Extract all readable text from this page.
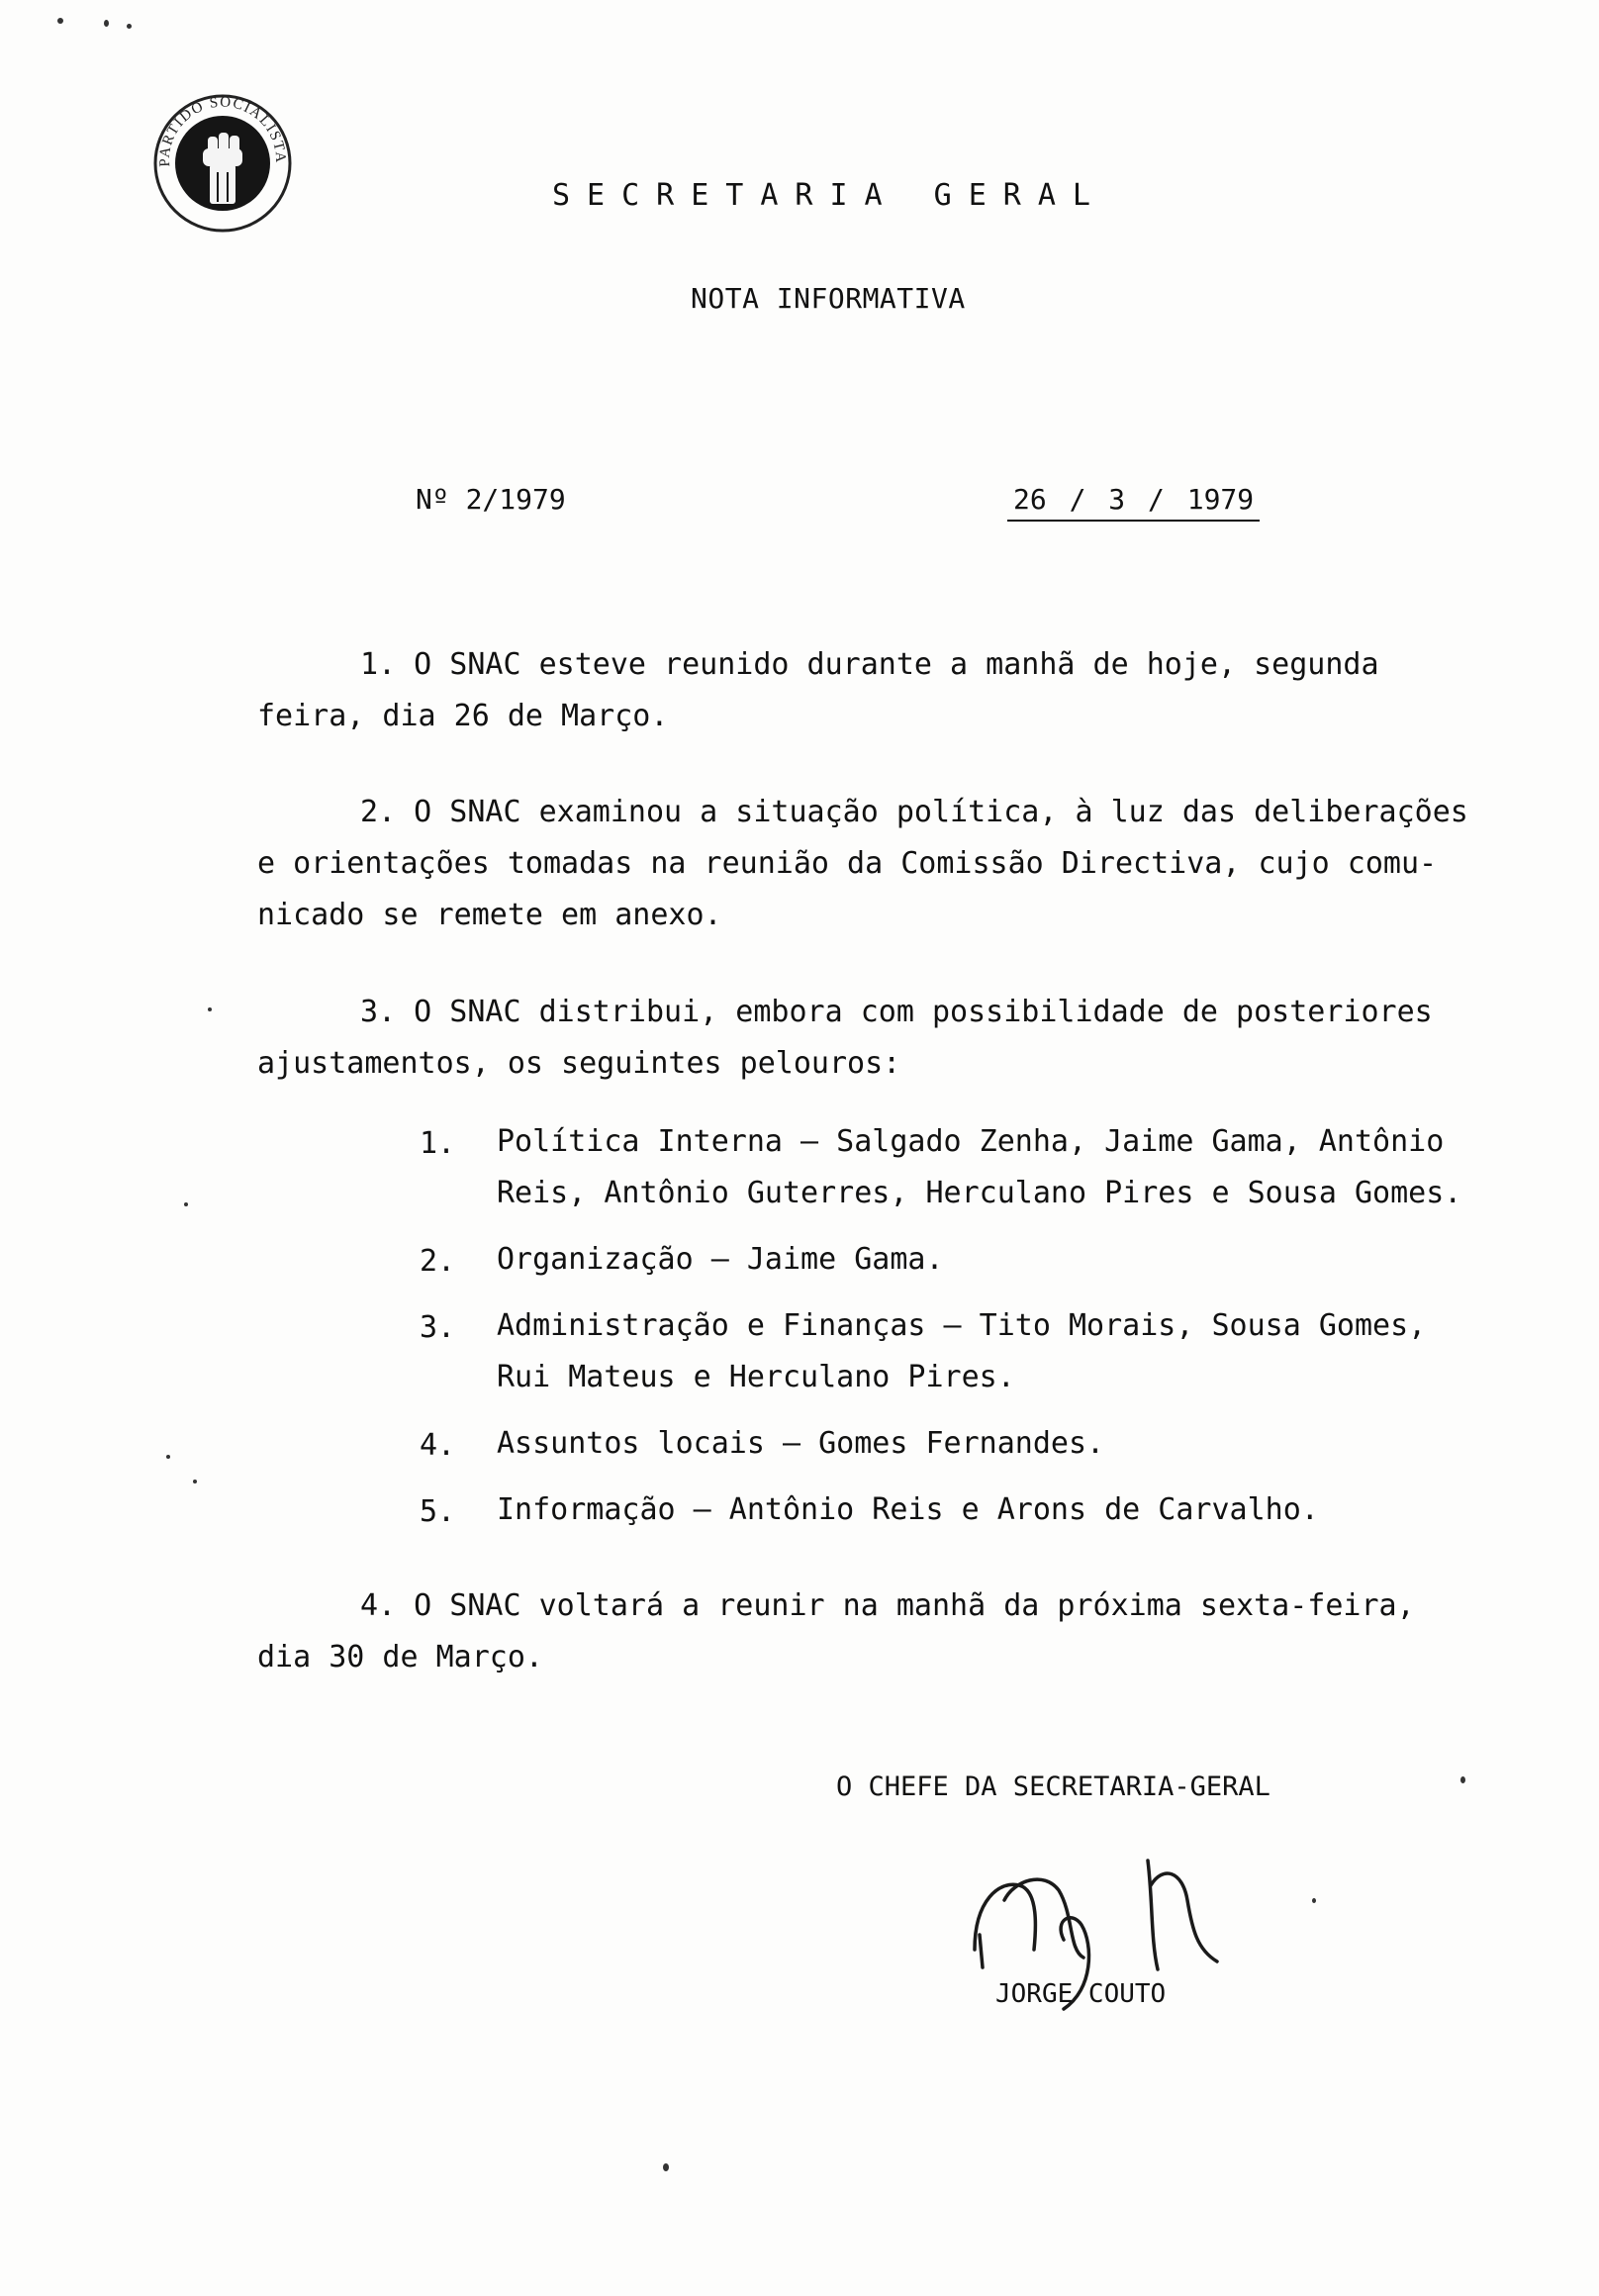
PARTIDO SOCIALISTA
SECRETARIA GERAL
NOTA INFORMATIVA
Nº 2/1979	26 / 3 / 1979
1. O SNAC esteve reunido durante a manhã de hoje, segunda
feira, dia 26 de Março.
2. O SNAC examinou a situação política, à luz das deliberações
e orientações tomadas na reunião da Comissão Directiva, cujo comu-
nicado se remete em anexo.
3. O SNAC distribui, embora com possibilidade de posteriores
ajustamentos, os seguintes pelouros:
1. Política Interna – Salgado Zenha, Jaime Gama, Antônio
Reis, Antônio Guterres, Herculano Pires e Sousa Gomes.
2. Organização – Jaime Gama.
3. Administração e Finanças – Tito Morais, Sousa Gomes,
Rui Mateus e Herculano Pires.
4. Assuntos locais – Gomes Fernandes.
5. Informação – Antônio Reis e Arons de Carvalho.
4. O SNAC voltará a reunir na manhã da próxima sexta-feira,
dia 30 de Março.
O CHEFE DA SECRETARIA-GERAL
JORGE COUTO
